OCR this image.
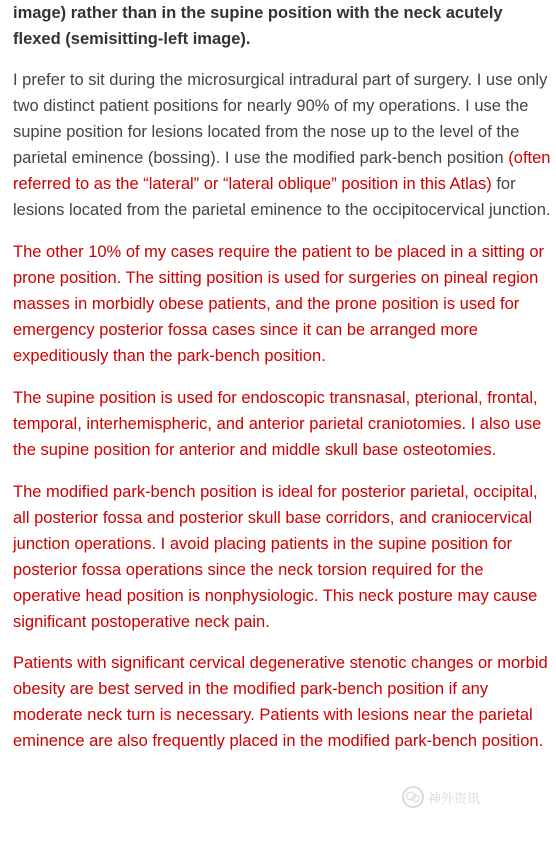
image) rather than in the supine position with the neck acutely flexed (semisitting-left image).

I prefer to sit during the microsurgical intradural part of surgery. I use only two distinct patient positions for nearly 90% of my operations. I use the supine position for lesions located from the nose up to the level of the parietal eminence (bossing). I use the modified park-bench position (often referred to as the “lateral” or “lateral oblique” position in this Atlas) for lesions located from the parietal eminence to the occipitocervical junction.

The other 10% of my cases require the patient to be placed in a sitting or prone position. The sitting position is used for surgeries on pineal region masses in morbidly obese patients, and the prone position is used for emergency posterior fossa cases since it can be arranged more expeditiously than the park-bench position.

The supine position is used for endoscopic transnasal, pterional, frontal, temporal, interhemispheric, and anterior parietal craniotomies. I also use the supine position for anterior and middle skull base osteotomies.

The modified park-bench position is ideal for posterior parietal, occipital, all posterior fossa and posterior skull base corridors, and craniocervical junction operations. I avoid placing patients in the supine position for posterior fossa operations since the neck torsion required for the operative head position is nonphysiologic. This neck posture may cause significant postoperative neck pain.

Patients with significant cervical degenerative stenotic changes or morbid obesity are best served in the modified park-bench position if any moderate neck turn is necessary. Patients with lesions near the parietal eminence are also frequently placed in the modified park-bench position.

神外资讯
